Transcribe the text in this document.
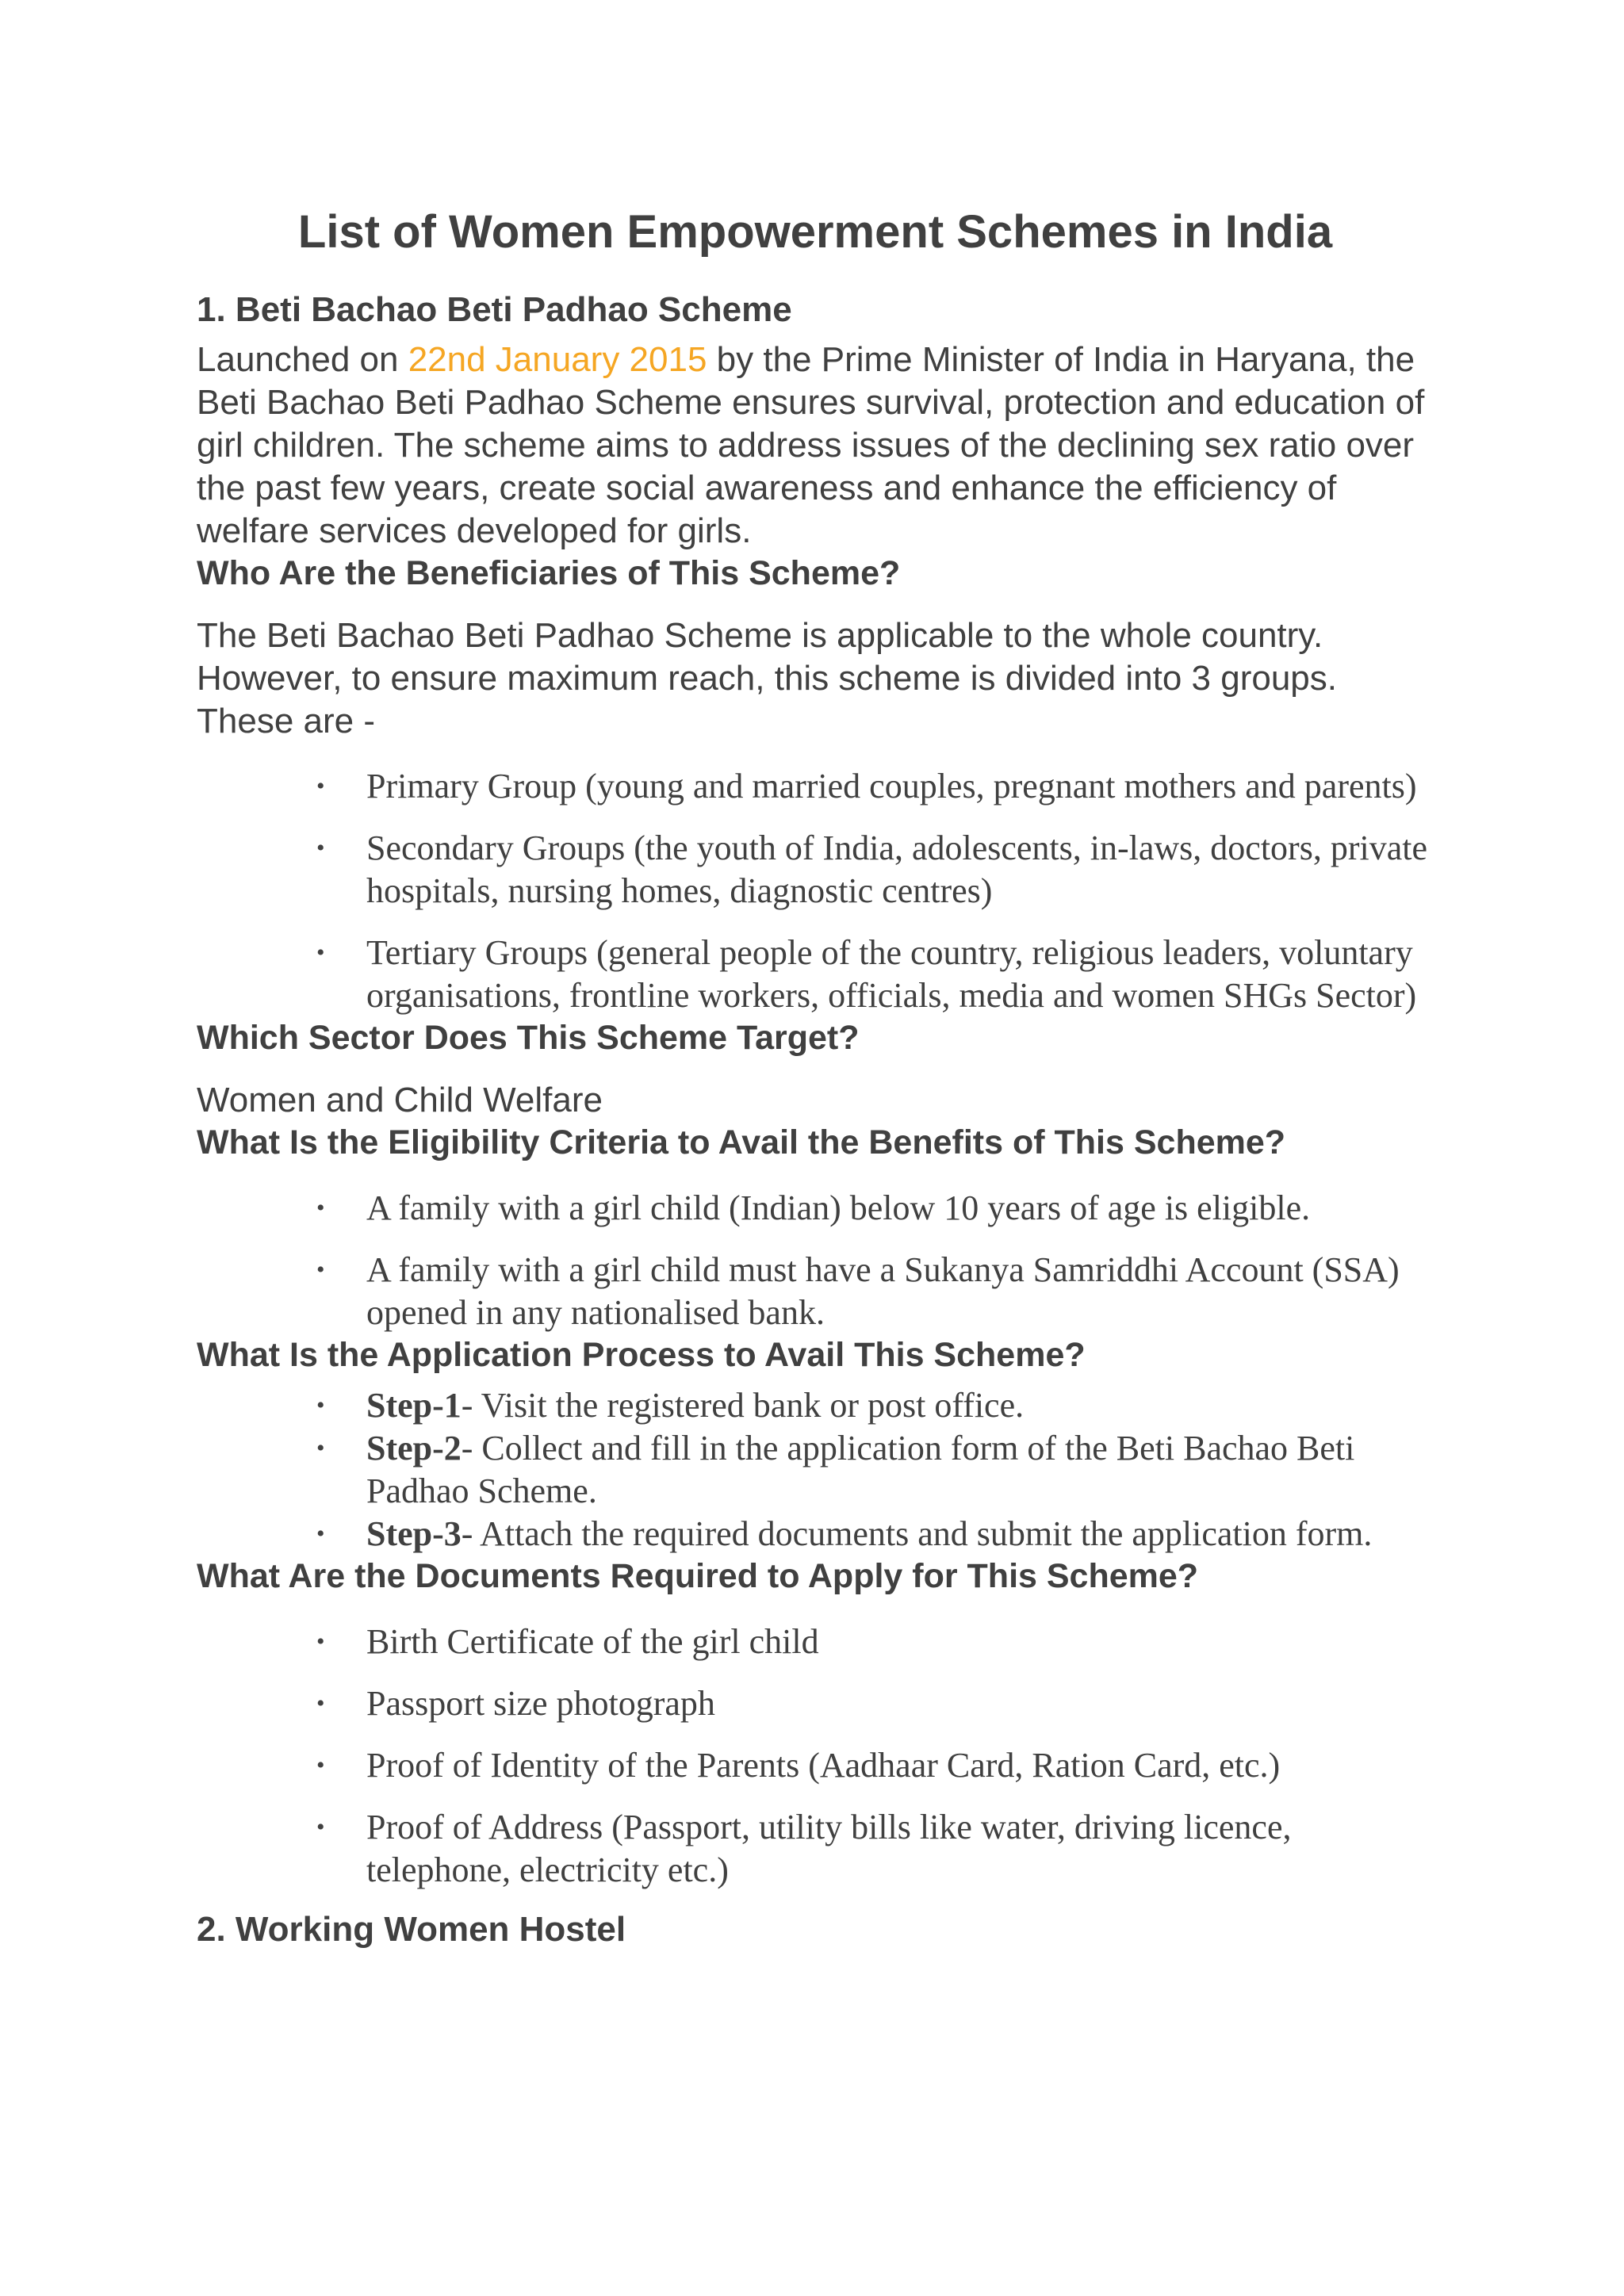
List of Women Empowerment Schemes in India
1. Beti Bachao Beti Padhao Scheme

Launched on 22nd January 2015 by the Prime Minister of India in Haryana, the Beti Bachao Beti Padhao Scheme ensures survival, protection and education of girl children. The scheme aims to address issues of the declining sex ratio over the past few years, create social awareness and enhance the efficiency of welfare services developed for girls.

Who Are the Beneficiaries of This Scheme?

The Beti Bachao Beti Padhao Scheme is applicable to the whole country. However, to ensure maximum reach, this scheme is divided into 3 groups. These are -

• Primary Group (young and married couples, pregnant mothers and parents)
• Secondary Groups (the youth of India, adolescents, in-laws, doctors, private hospitals, nursing homes, diagnostic centres)
• Tertiary Groups (general people of the country, religious leaders, voluntary organisations, frontline workers, officials, media and women SHGs Sector)
Which Sector Does This Scheme Target?

Women and Child Welfare

What Is the Eligibility Criteria to Avail the Benefits of This Scheme?
• A family with a girl child (Indian) below 10 years of age is eligible.
• A family with a girl child must have a Sukanya Samriddhi Account (SSA) opened in any nationalised bank.
What Is the Application Process to Avail This Scheme?
• Step-1- Visit the registered bank or post office.
• Step-2- Collect and fill in the application form of the Beti Bachao Beti Padhao Scheme.
• Step-3- Attach the required documents and submit the application form.
What Are the Documents Required to Apply for This Scheme?
• Birth Certificate of the girl child
• Passport size photograph
• Proof of Identity of the Parents (Aadhaar Card, Ration Card, etc.)
• Proof of Address (Passport, utility bills like water, driving licence, telephone, electricity etc.)
2. Working Women Hostel
